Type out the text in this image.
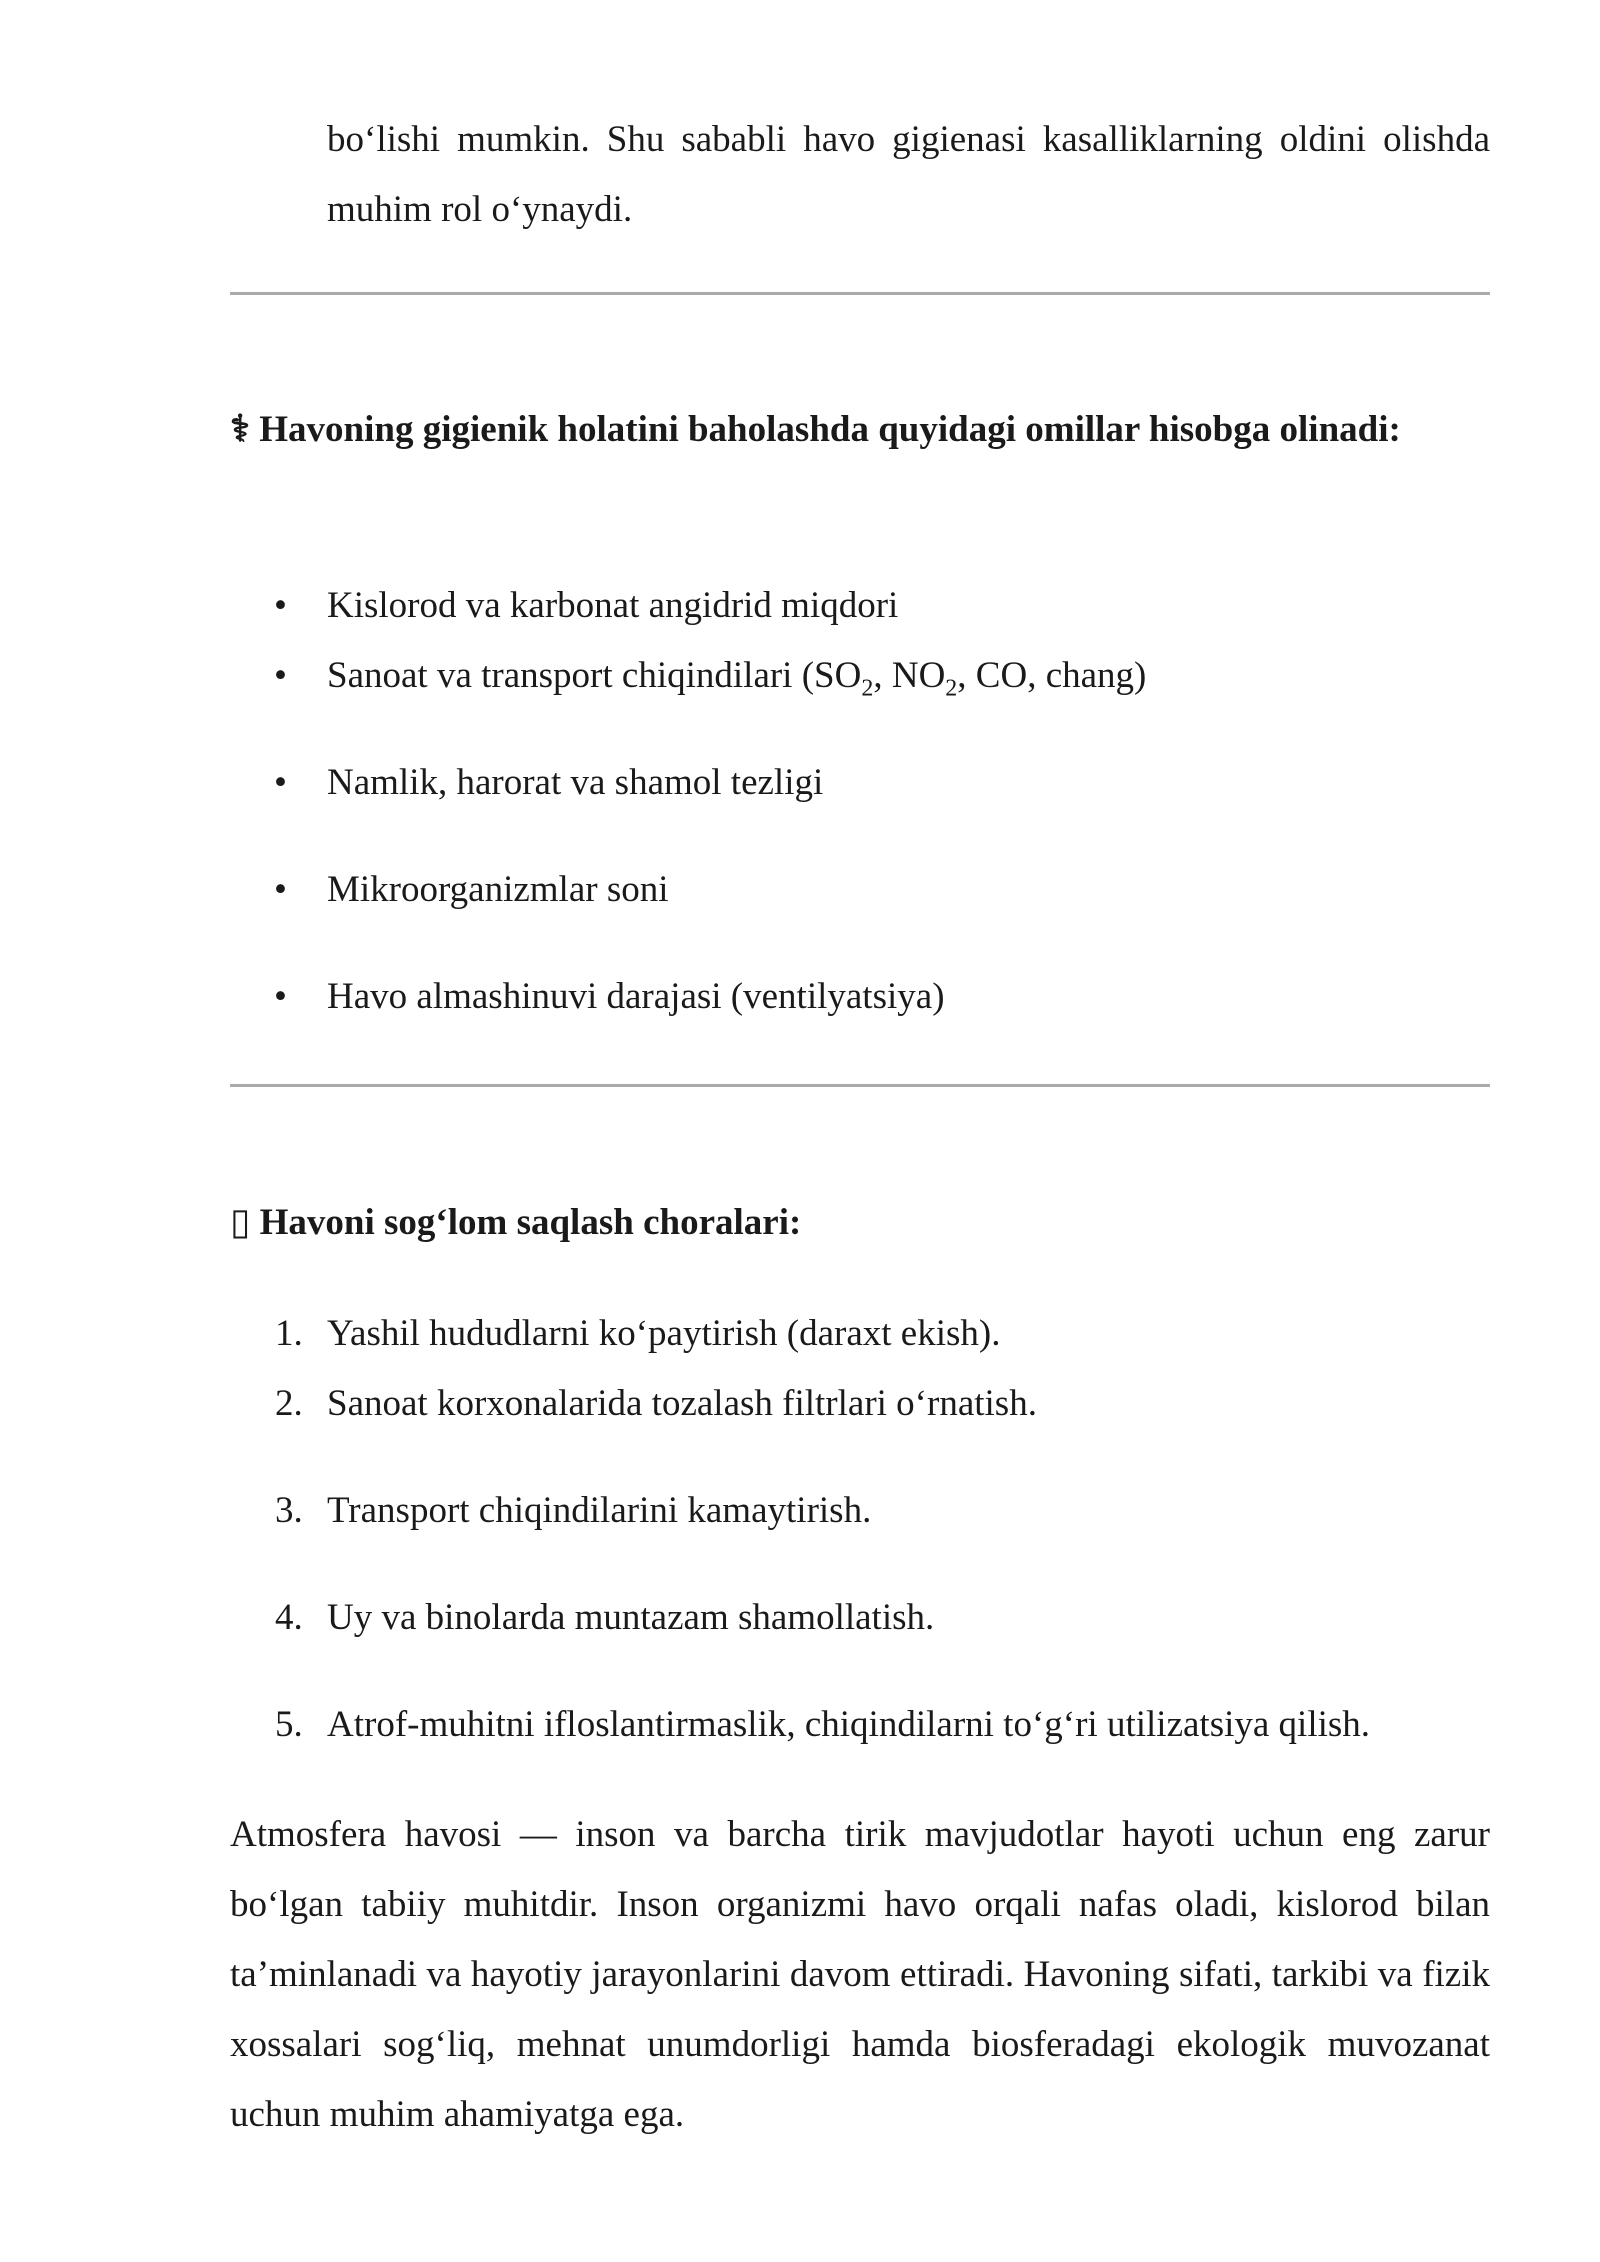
bo‘lishi mumkin. Shu sababli havo gigienasi kasalliklarning oldini olishda muhim rol o‘ynaydi.

⚕ Havoning gigienik holatini baholashda quyidagi omillar hisobga olinadi:

• Kislorod va karbonat angidrid miqdori
• Sanoat va transport chiqindilari ($SO_2$, $NO_2$, CO, chang)
• Namlik, harorat va shamol tezligi
• Mikroorganizmlar soni
• Havo almashinuvi darajasi (ventilyatsiya)

▯ Havoni sog‘lom saqlash choralari:

1. Yashil hududlarni ko‘paytirish (daraxt ekish).
2. Sanoat korxonalarida tozalash filtrlari o‘rnatish.
3. Transport chiqindilarini kamaytirish.
4. Uy va binolarda muntazam shamollatish.
5. Atrof-muhitni ifloslantirmaslik, chiqindilarni to‘g‘ri utilizatsiya qilish.

Atmosfera havosi — inson va barcha tirik mavjudotlar hayoti uchun eng zarur bo‘lgan tabiiy muhitdir. Inson organizmi havo orqali nafas oladi, kislorod bilan ta’minlanadi va hayotiy jarayonlarini davom ettiradi. Havoning sifati, tarkibi va fizik xossalari sog‘liq, mehnat unumdorligi hamda biosferadagi ekologik muvozanat uchun muhim ahamiyatga ega.
